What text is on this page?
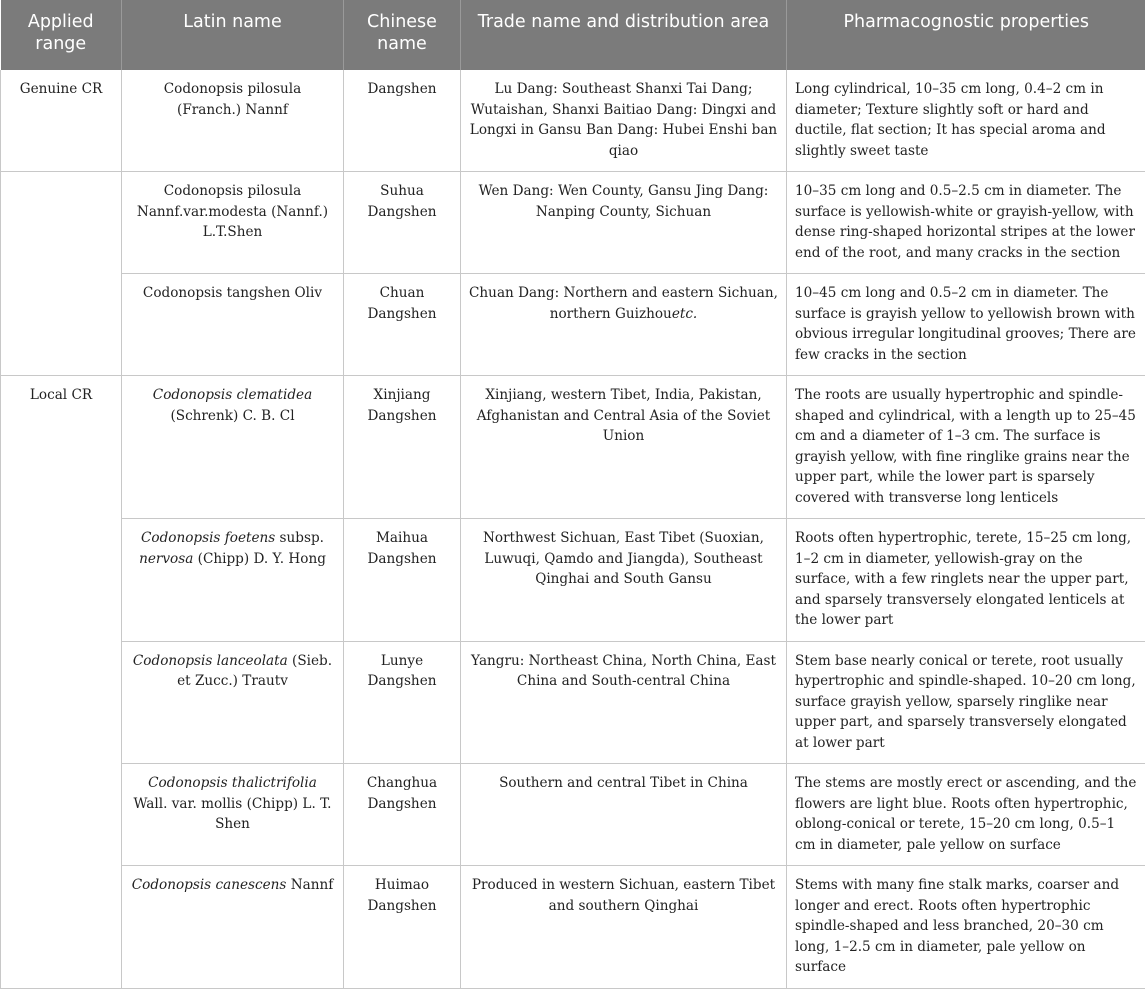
Applied range	Latin name	Chinese name	Trade name and distribution area	Pharmacognostic properties
Genuine CR	Codonopsis pilosula (Franch.) Nannf	Dangshen	Lu Dang: Southeast Shanxi Tai Dang; Wutaishan, Shanxi Baitiao Dang: Dingxi and Longxi in Gansu Ban Dang: Hubei Enshi ban qiao	Long cylindrical, 10–35 cm long, 0.4–2 cm in diameter; Texture slightly soft or hard and ductile, flat section; It has special aroma and slightly sweet taste
	Codonopsis pilosula Nannf.var.modesta (Nannf.) L.T.Shen	Suhua Dangshen	Wen Dang: Wen County, Gansu Jing Dang: Nanping County, Sichuan	10–35 cm long and 0.5–2.5 cm in diameter. The surface is yellowish-white or grayish-yellow, with dense ring-shaped horizontal stripes at the lower end of the root, and many cracks in the section
	Codonopsis tangshen Oliv	Chuan Dangshen	Chuan Dang: Northern and eastern Sichuan, northern Guizhouetc.	10–45 cm long and 0.5–2 cm in diameter. The surface is grayish yellow to yellowish brown with obvious irregular longitudinal grooves; There are few cracks in the section
Local CR	Codonopsis clematidea (Schrenk) C. B. Cl	Xinjiang Dangshen	Xinjiang, western Tibet, India, Pakistan, Afghanistan and Central Asia of the Soviet Union	The roots are usually hypertrophic and spindle-shaped and cylindrical, with a length up to 25–45 cm and a diameter of 1–3 cm. The surface is grayish yellow, with fine ringlike grains near the upper part, while the lower part is sparsely covered with transverse long lenticels
	Codonopsis foetens subsp. nervosa (Chipp) D. Y. Hong	Maihua Dangshen	Northwest Sichuan, East Tibet (Suoxian, Luwuqi, Qamdo and Jiangda), Southeast Qinghai and South Gansu	Roots often hypertrophic, terete, 15–25 cm long, 1–2 cm in diameter, yellowish-gray on the surface, with a few ringlets near the upper part, and sparsely transversely elongated lenticels at the lower part
	Codonopsis lanceolata (Sieb. et Zucc.) Trautv	Lunye Dangshen	Yangru: Northeast China, North China, East China and South-central China	Stem base nearly conical or terete, root usually hypertrophic and spindle-shaped. 10–20 cm long, surface grayish yellow, sparsely ringlike near upper part, and sparsely transversely elongated at lower part
	Codonopsis thalictrifolia Wall. var. mollis (Chipp) L. T. Shen	Changhua Dangshen	Southern and central Tibet in China	The stems are mostly erect or ascending, and the flowers are light blue. Roots often hypertrophic, oblong-conical or terete, 15–20 cm long, 0.5–1 cm in diameter, pale yellow on surface
	Codonopsis canescens Nannf	Huimao Dangshen	Produced in western Sichuan, eastern Tibet and southern Qinghai	Stems with many fine stalk marks, coarser and longer and erect. Roots often hypertrophic spindle-shaped and less branched, 20–30 cm long, 1–2.5 cm in diameter, pale yellow on surface
